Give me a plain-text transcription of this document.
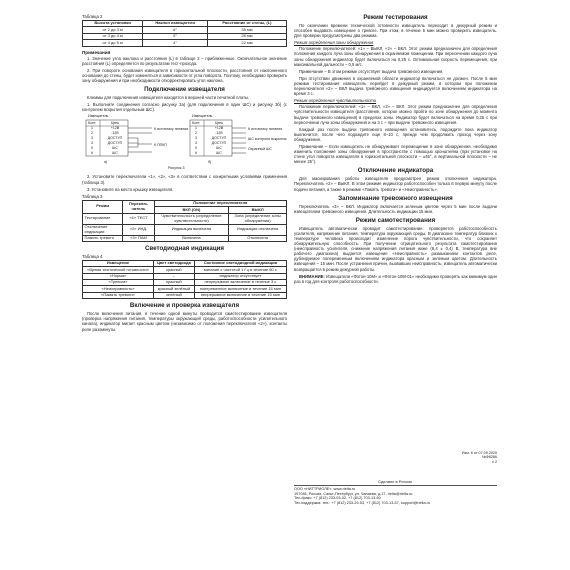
Таблица 2
Высота установки	Наклон извещателя	Расстояние от стены, (L)
от 2 до 3 м	6°	35 мм
от 3 до 4 м	5°	28 мм
от 4 до 5 м	4°	22 мм
Примечания

1. Значение угла наклона и расстояния (L) в таблице 2 – приближенные. Окончательное значение расстояния (L) определяется по результатам тест-прохода.

2. При повороте основания извещателя в горизонтальной плоскости, расстояния от наклоненного основания до стены, будет изменяться в зависимости от угла поворота. Поэтому, необходимо проверить зону обнаружения и при необходимости откорректировать угол наклона.

Подключение извещателя

Клеммы для подключения извещателя находятся в верхней части печатной платы.

1. Выполните соединения согласно рисунку 3а) (для подключения в один ШС) и рисунку 3б) (с контролем вскрытия отдельным ШС).

Извещатель
Конт.	Цепь
1	+12В
2	-12В
3	ДОСТУП
4	ДОСТУП
5	ШС
6	ШС
К источнику питания
К ППКП
а)
Извещатель
Конт.	Цепь
1	+12В
2	-12В
3	ДОСТУП
4	ДОСТУП
5	ШС
6	ШС
К источнику питания
ШС контроля вскрытия
Охранный ШС
б)
Рисунок 3

2. Установите переключатели «1», «2», «3» в соответствии с конкретными условиями применения (таблица 3).

3. Установите на место крышку извещателя.

Таблица 3
Режим	Переклю-чатель	Положение переключателя	
		ВКЛ (ON)	ВЫКЛ
Тестирование	«1» ТЕСТ	Чувствительность (определение чувствительности)	Зона (определение зоны обнаружения)
Отключение индикации	«2» ИНД.	Индикация включена	Индикация отключена
Память тревоги	«3» ПАМ	Включена	Отключена
Светодиодная индикация
Таблица 4
Извещение	Цвет светодиода	Состояние светодиодной индикации
«Время технической готовности»	красный	мигание с частотой 1 Гц в течение 60 с
«Норма»	–	индикатор отсутствует
«Тревога»	красный	непрерывное включение в течение 3 с
«Неисправность»	красный зелёный	попеременное включение в течение 15 мин
«Память тревоги»	зелёный	непрерывное включение в течение 15 мин
Включение и проверка извещателя

После включения питания, в течение одной минуты проводится самотестирование извещателя (проверка напряжения питания, температуры окружающей среды, работоспособности усилительного канала), индикатор мигает красным цветом (независимо от положения переключателя «2»), контакты реле разомкнуты.

Режим тестирования

По окончании времени технической готовности извещатель переходит в дежурный режим и способен выдавать извещение о тревоге. При этом, в течение 5 мин можно проверить извещатель. Для проверки предусмотрены два режима.

Режим определения зоны обнаружения

Положение переключателей: «1» – ВЫКЛ, «2» – ВКЛ. Этот режим предназначен для определения положения каждого луча зоны обнаружения в охраняемом помещении. При пересечении каждого луча зоны обнаружения индикатор будет включаться на 0,25 с. Оптимальная скорость перемещения, при максимальной дальности – 0,5 м/с.

Примечание – В этом режиме отсутствует выдача тревожного извещения.

При отсутствии движения в охраняемой области индикатор включаться не должен. После 5 мин режима тестирования извещатель перейдет в дежурный режим, в котором при положении переключателя «2» – ВКЛ выдача тревожного извещения индицируется включением индикатора на время 3 с.

Режим определения чувствительности

Положение переключателей: «1» – ВКЛ, «2» – ВКЛ. Этот режим предназначен для определения чувствительности извещателя (расстояние, которое можно пройти по зоне обнаружения до момента выдачи тревожного извещения) в пределах зоны. Индикатор будет включаться на время 0,25 с при пересечении луча зоны обнаружения и на 3 с – при выдаче тревожного извещения.

Каждый раз после выдачи тревожного извещения остановитесь, подождите пока индикатор выключится, после чего подождите еще 8–10 с, прежде чем продолжить проход через зону обнаружения.

Примечание – Если извещатель не обнаруживает перемещение в зоне обнаружения, необходимо изменить положение зоны обнаружения в пространстве с помощью кронштейна (при установке на стене угол поворота извещателя в горизонтальной плоскости – ±45°, в вертикальной плоскости – не менее 25°).

Отключение индикатора

Для маскирования работы извещателя предусмотрен режим отключения индикатора. Переключатель «2» – ВЫКЛ. В этом режиме индикатор работоспособен только в первую минуту после подачи питания, а также в режиме «Память тревоги» и «Неисправность».

Запоминание тревожного извещения

Переключатель «3» – ВКЛ. Индикатор включается зеленым цветом через 5 мин после выдачи извещателем тревожного извещения. Длительность индикации 15 мин.

Режим самотестирования

Извещатель автоматически проводит самотестирование: проверяется работоспособность усилителя, напряжение питания, температура окружающей среды. В диапазоне температур близких к температуре человека происходит изменение порога чувствительности, что сохраняет обнаружительную способность. При получении отрицательного результата самотестирования (неисправность усилителя, снижение напряжения питания ниже (8,4 ± 0,4) В, температура вне рабочего диапазона) выдается извещение «Неисправность» размыканием контактов реле, дублируемое попеременным включением индикатора красным и зеленым цветом. Длительность извещения – 15 мин. После устранения причин, вызвавших неисправность, извещатель автоматически возвращается в режим дежурной работы.

ВНИМАНИЕ: Извещатели «Фотон-10М» и «Фотон-10М-01» необходимо проверять как минимум один раз в год для контроля работоспособности.

Изм. 6 от 07.09.2020
№Ф8286
с.2
Сделано в России
ООО «НИТТРИОЛЕ», www.rielta.ru
197046, Россия, Санкт-Петербург, ул. Чапаева, д.17, rielta@rielta.ru
Тел./факс: +7 (812) 233-03-02, +7 (812) 703-13-60
Тех.поддержка: тел.: +7 (812) 233-29-53, +7 (812) 703-13-57, support@rielta.ru
